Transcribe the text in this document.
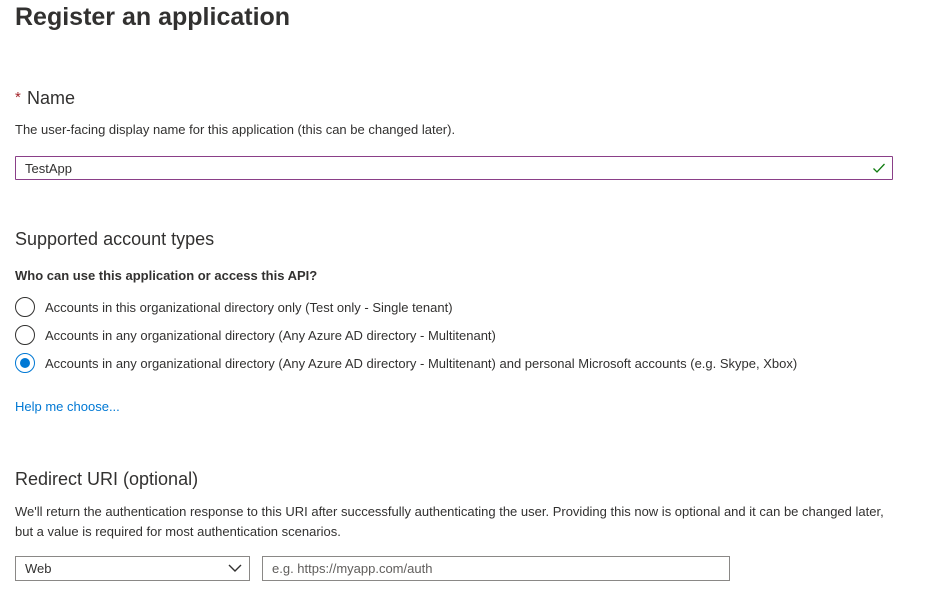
Register an application
* Name
The user-facing display name for this application (this can be changed later).
TestApp
Supported account types
Who can use this application or access this API?
Accounts in this organizational directory only (Test only - Single tenant)
Accounts in any organizational directory (Any Azure AD directory - Multitenant)
Accounts in any organizational directory (Any Azure AD directory - Multitenant) and personal Microsoft accounts (e.g. Skype, Xbox)
Help me choose...
Redirect URI (optional)
We'll return the authentication response to this URI after successfully authenticating the user. Providing this now is optional and it can be changed later, but a value is required for most authentication scenarios.
Web
e.g. https://myapp.com/auth
